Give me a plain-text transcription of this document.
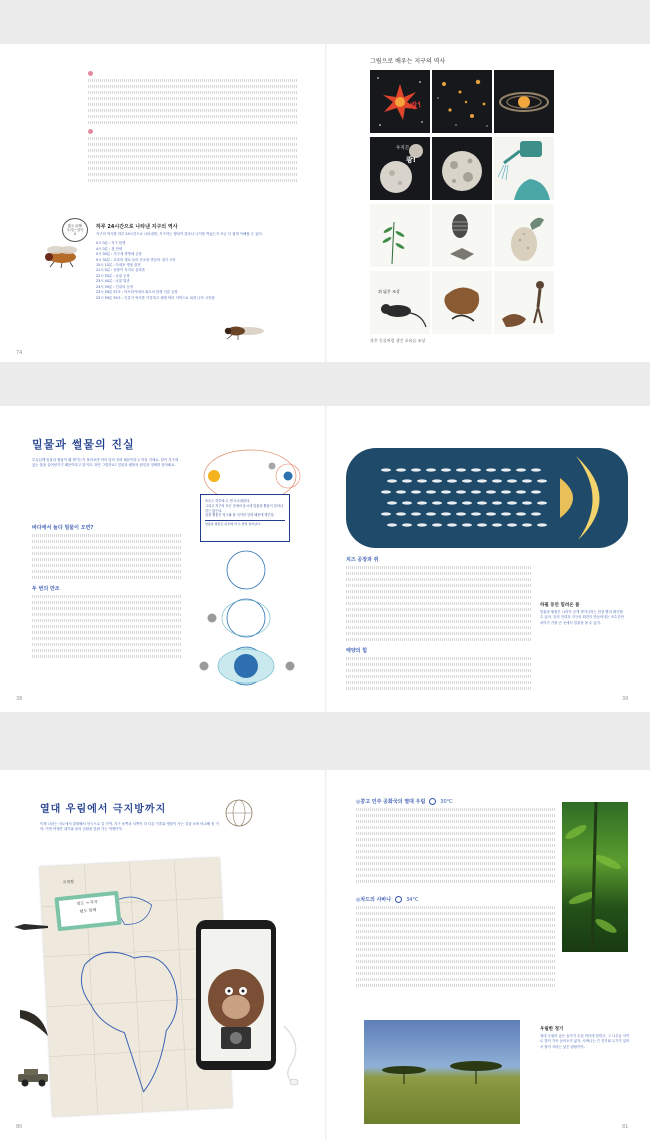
짧고 굵게! 우리는 살아요
하루 24시간으로 나타낸 지구의 역사
지구의 역사를 하루 24시간으로 나타내면, 지구라는 행성이 얼마나 나이를 먹었는지 조금 더 쉽게 이해할 수 있어.
0시 0분 : 지구 탄생
4시 0분 : 첫 단세
5시 30분 : 지구에 생명체 등장
9시 30분 : 초록의 새로 들어 산소를 만들어 내기 시작
15시 15분 : 다세포 생물 출현
21시 0분 : 동물이 육지로 올라옴
22시 50분 : 공룡 등장
23시 40분 : 공룡 멸종
23시 59분 : 인류의 등장
23시 59분 57초 : 아프리카에서 최초의 현생 인류 등장
23시 59분 59초 : 인류가 역사를 기록하고 세계 여러 지역으로 퍼져 나가 시작함
74
그림으로 배우는 지구의 역사
쾅!
우지끈
쾅!
쥐 닮은 조상
작은 동물처럼 생긴 포유류 조상
밀물과 썰물의 진실
부유님께 밀물과 썰물이 왜 생기는지 물어보면 아마 달의 중력 때문이라고 하실 거예요. 달이 지구에 있는 물을 끌어당기기 때문이라고 말이지. 과연 그럴까요? 밀물과 썰물의 원인과 정체를 알아봐요.
바다에서 놀다 밀물이 오면?
두 번의 만조
조수는 하루에 두 번 오르내린다.
그리고 지구의 모든 곳에서 동시에 밀물과 썰물이 일어나지는 않는다.
밀물 썰물은 지구와 달 사이의 인력 때문에 생긴다.
밀물과 썰물은 하루에 약 두 번씩 일어난다.
38
치즈 공장과 쥐
태양의 힘
하필 동안 밀려온 물
밀물과 썰물은 나라가 곧게 생기니까는 만큼 빨리 확인할 수 있어. 달의 인력과 지구의 회전이 만들어내는 조수간만 차이가 가장 큰 곳에서 밀물을 볼 수 있지.
39
열대 우림에서 극지방까지
이제 나라는 지도에서 출발해서 북극으로 갈 거야. 지구 동쪽과 서쪽이 다 다른 기후와 생물이 사는 것을 보며 비교해 볼 거야. 이번 여행은 대기와 물의 순환을 맞춰 가는 여행이야.
국제항
적도 → 북극
편도 항해
80
◎콩고 민주 공화국의 열대 우림	30°C
◎차드의 사바나	34°C
우림한 정기
열대 우림의 숲은 높이가 수십 미터에 달하고, 그 나무들 사이로 빛이 가득 들어오지 않지. 사바나는 긴 건기와 우기가 있어서 풀이 자라는 넓은 평원이야.
81
